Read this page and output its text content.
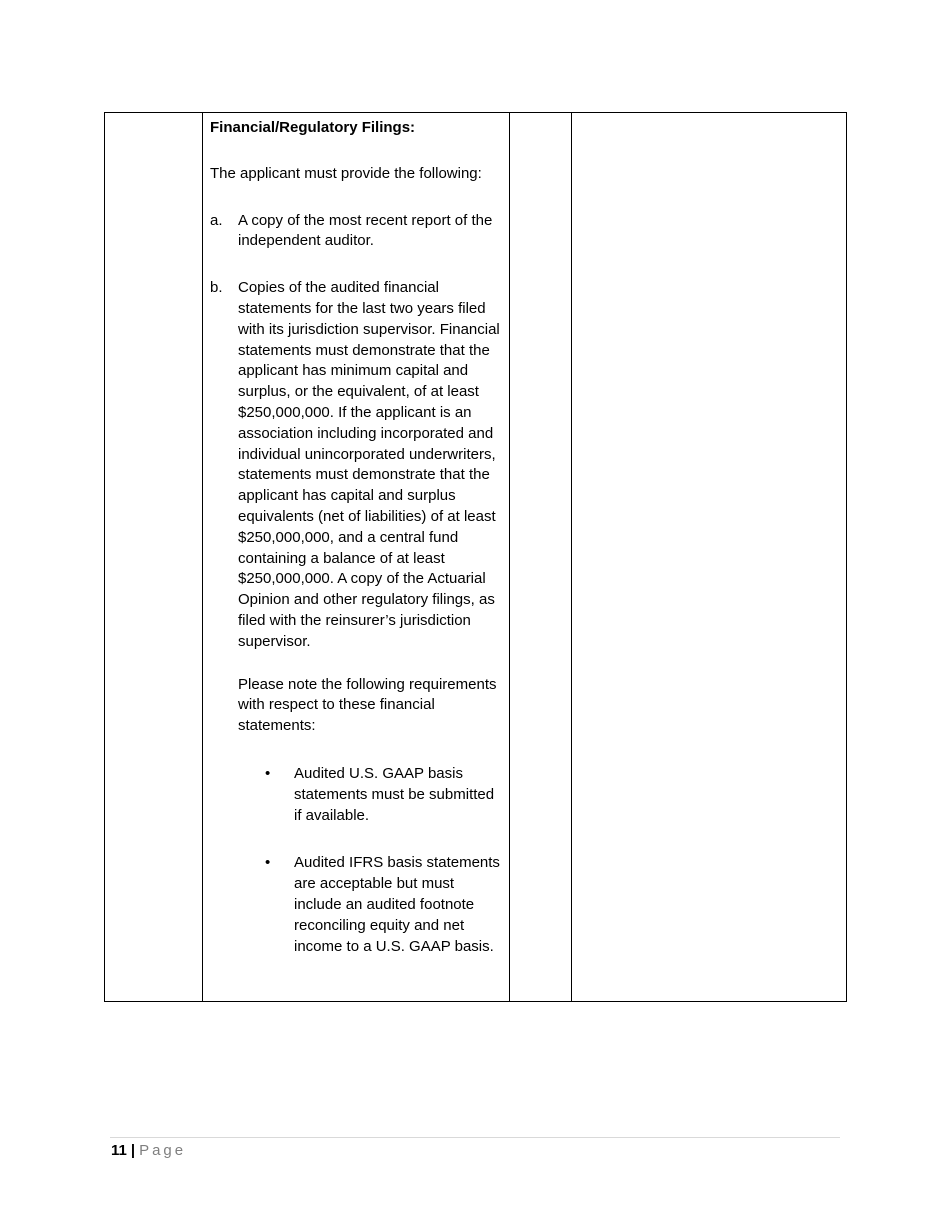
Financial/Regulatory Filings:

The applicant must provide the following:

a. A copy of the most recent report of the independent auditor.
b. Copies of the audited financial statements for the last two years filed with its jurisdiction supervisor. Financial statements must demonstrate that the applicant has minimum capital and surplus, or the equivalent, of at least $250,000,000. If the applicant is an association including incorporated and individual unincorporated underwriters, statements must demonstrate that the applicant has capital and surplus equivalents (net of liabilities) of at least $250,000,000, and a central fund containing a balance of at least $250,000,000. A copy of the Actuarial Opinion and other regulatory filings, as filed with the reinsurer’s jurisdiction supervisor.

Please note the following requirements with respect to these financial statements:

• Audited U.S. GAAP basis statements must be submitted if available.
• Audited IFRS basis statements are acceptable but must include an audited footnote reconciling equity and net income to a U.S. GAAP basis.

11 | Page
